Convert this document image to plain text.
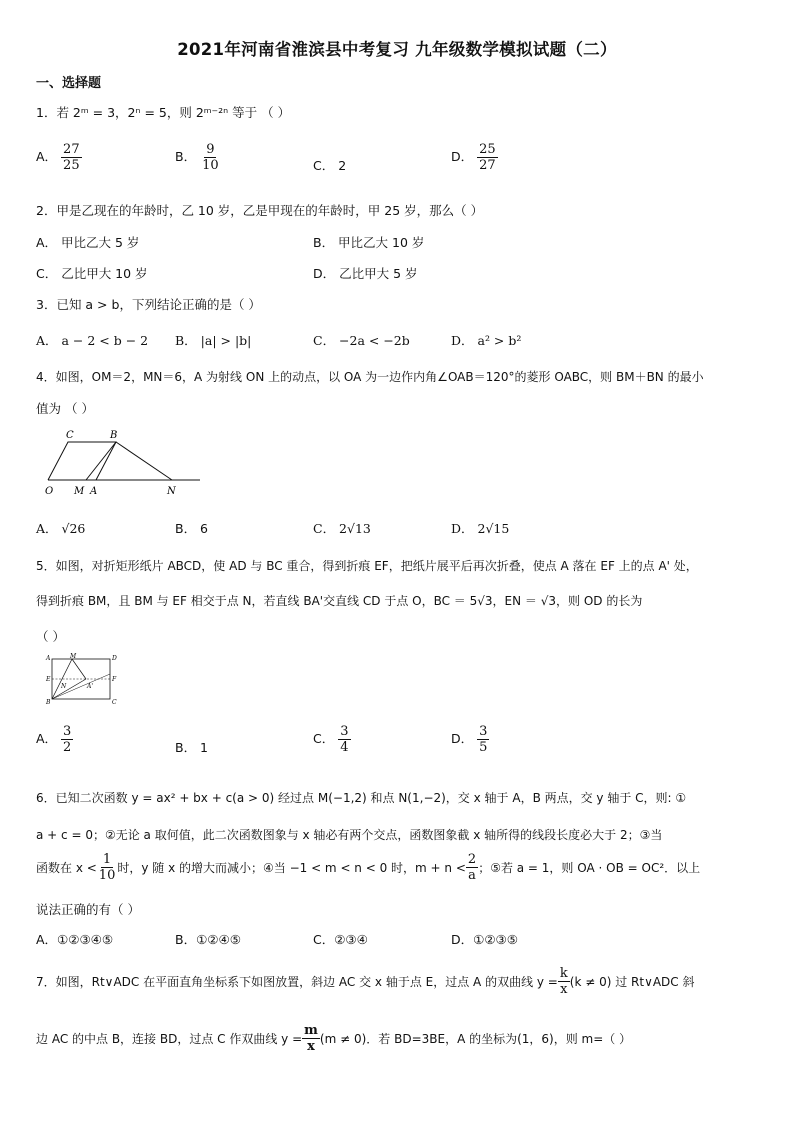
2021年河南省淮滨县中考复习 九年级数学模拟试题（二）
一、选择题
1．若 2ᵐ = 3，2ⁿ = 5，则 2ᵐ⁻²ⁿ 等于 （ ）
A． $\frac{27}{25}$	B． $\frac{9}{10}$	C． 2
D． $\frac{25}{27}$
2．甲是乙现在的年龄时，乙 10 岁，乙是甲现在的年龄时，甲 25 岁，那么（ ）
A． 甲比乙大 5 岁	B． 甲比乙大 10 岁
C． 乙比甲大 10 岁	D． 乙比甲大 5 岁
3．已知 a > b，下列结论正确的是（ ）
A． a − 2 < b − 2 B． |a| > |b|	C． −2a < −2b	D． a² > b²
4．如图，OM＝2，MN＝6，A 为射线 ON 上的动点，以 OA 为一边作内角∠OAB＝120°的菱形 OABC，则 BM＋BN 的最小
值为 （ ）
C	B
O M A	N
A． √26	B． 6	C． 2√13	D． 2√15
5．如图，对折矩形纸片 ABCD，使 AD 与 BC 重合，得到折痕 EF，把纸片展平后再次折叠，使点 A 落在 EF 上的点 A' 处，
得到折痕 BM，且 BM 与 EF 相交于点 N，若直线 BA'交直线 CD 于点 O，BC ＝ 5√3，EN ＝ √3，则 OD 的长为
（ ）
A	M	D
E	F
N	A'
B	C
A． $\frac{3}{2}$	B． 1
C． $\frac{3}{4}$	D． $\frac{3}{5}$
6．已知二次函数 y = ax² + bx + c(a > 0) 经过点 M(−1,2) 和点 N(1,−2)，交 x 轴于 A，B 两点，交 y 轴于 C，则: ①
a + c = 0；②无论 a 取何值，此二次函数图象与 x 轴必有两个交点，函数图象截 x 轴所得的线段长度必大于 2；③当
函数在 $x < \frac{1}{10}$ 时，y 随 x 的增大而减小；④当 −1 < m < n < 0 时，$m + n < \frac{2}{a}$ ；⑤若 a = 1，则 OA · OB = OC²．以上
说法正确的有（ ）
A．①②③④⑤	B．①②④⑤	C．②③④	D．①②③⑤
7．如图，Rt∨ADC 在平面直角坐标系下如图放置，斜边 AC 交 x 轴于点 E，过点 A 的双曲线 $y = \frac{k}{x} (k \ne 0)$ 过 Rt∨ADC 斜
边 AC 的中点 B，连接 BD，过点 C 作双曲线 $y = \frac{m}{x} (m \ne 0)$．若 BD=3BE，A 的坐标为(1，6)，则 m=（ ）
